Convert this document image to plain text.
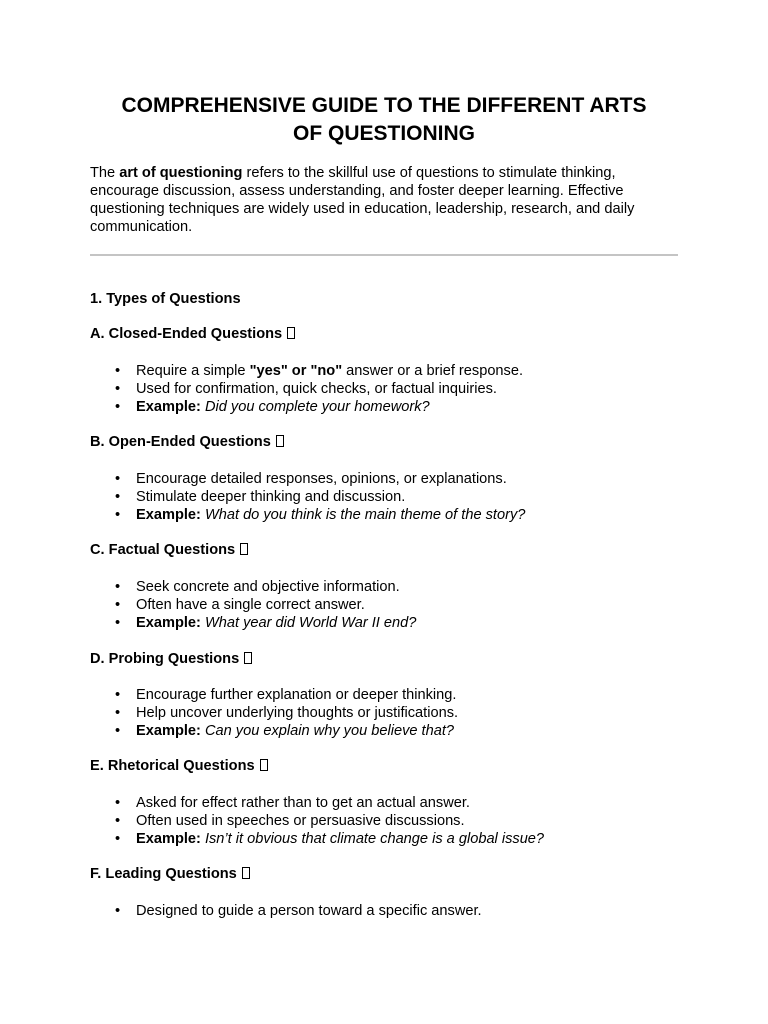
COMPREHENSIVE GUIDE TO THE DIFFERENT ARTS
OF QUESTIONING

The art of questioning refers to the skillful use of questions to stimulate thinking,
encourage discussion, assess understanding, and foster deeper learning. Effective
questioning techniques are widely used in education, leadership, research, and daily
communication.

1. Types of Questions
A. Closed-Ended Questions
• Require a simple "yes" or "no" answer or a brief response.
• Used for confirmation, quick checks, or factual inquiries.
• Example: Did you complete your homework?
B. Open-Ended Questions
• Encourage detailed responses, opinions, or explanations.
• Stimulate deeper thinking and discussion.
• Example: What do you think is the main theme of the story?
C. Factual Questions
• Seek concrete and objective information.
• Often have a single correct answer.
• Example: What year did World War II end?
D. Probing Questions
• Encourage further explanation or deeper thinking.
• Help uncover underlying thoughts or justifications.
• Example: Can you explain why you believe that?
E. Rhetorical Questions
• Asked for effect rather than to get an actual answer.
• Often used in speeches or persuasive discussions.
• Example: Isn’t it obvious that climate change is a global issue?
F. Leading Questions
• Designed to guide a person toward a specific answer.
